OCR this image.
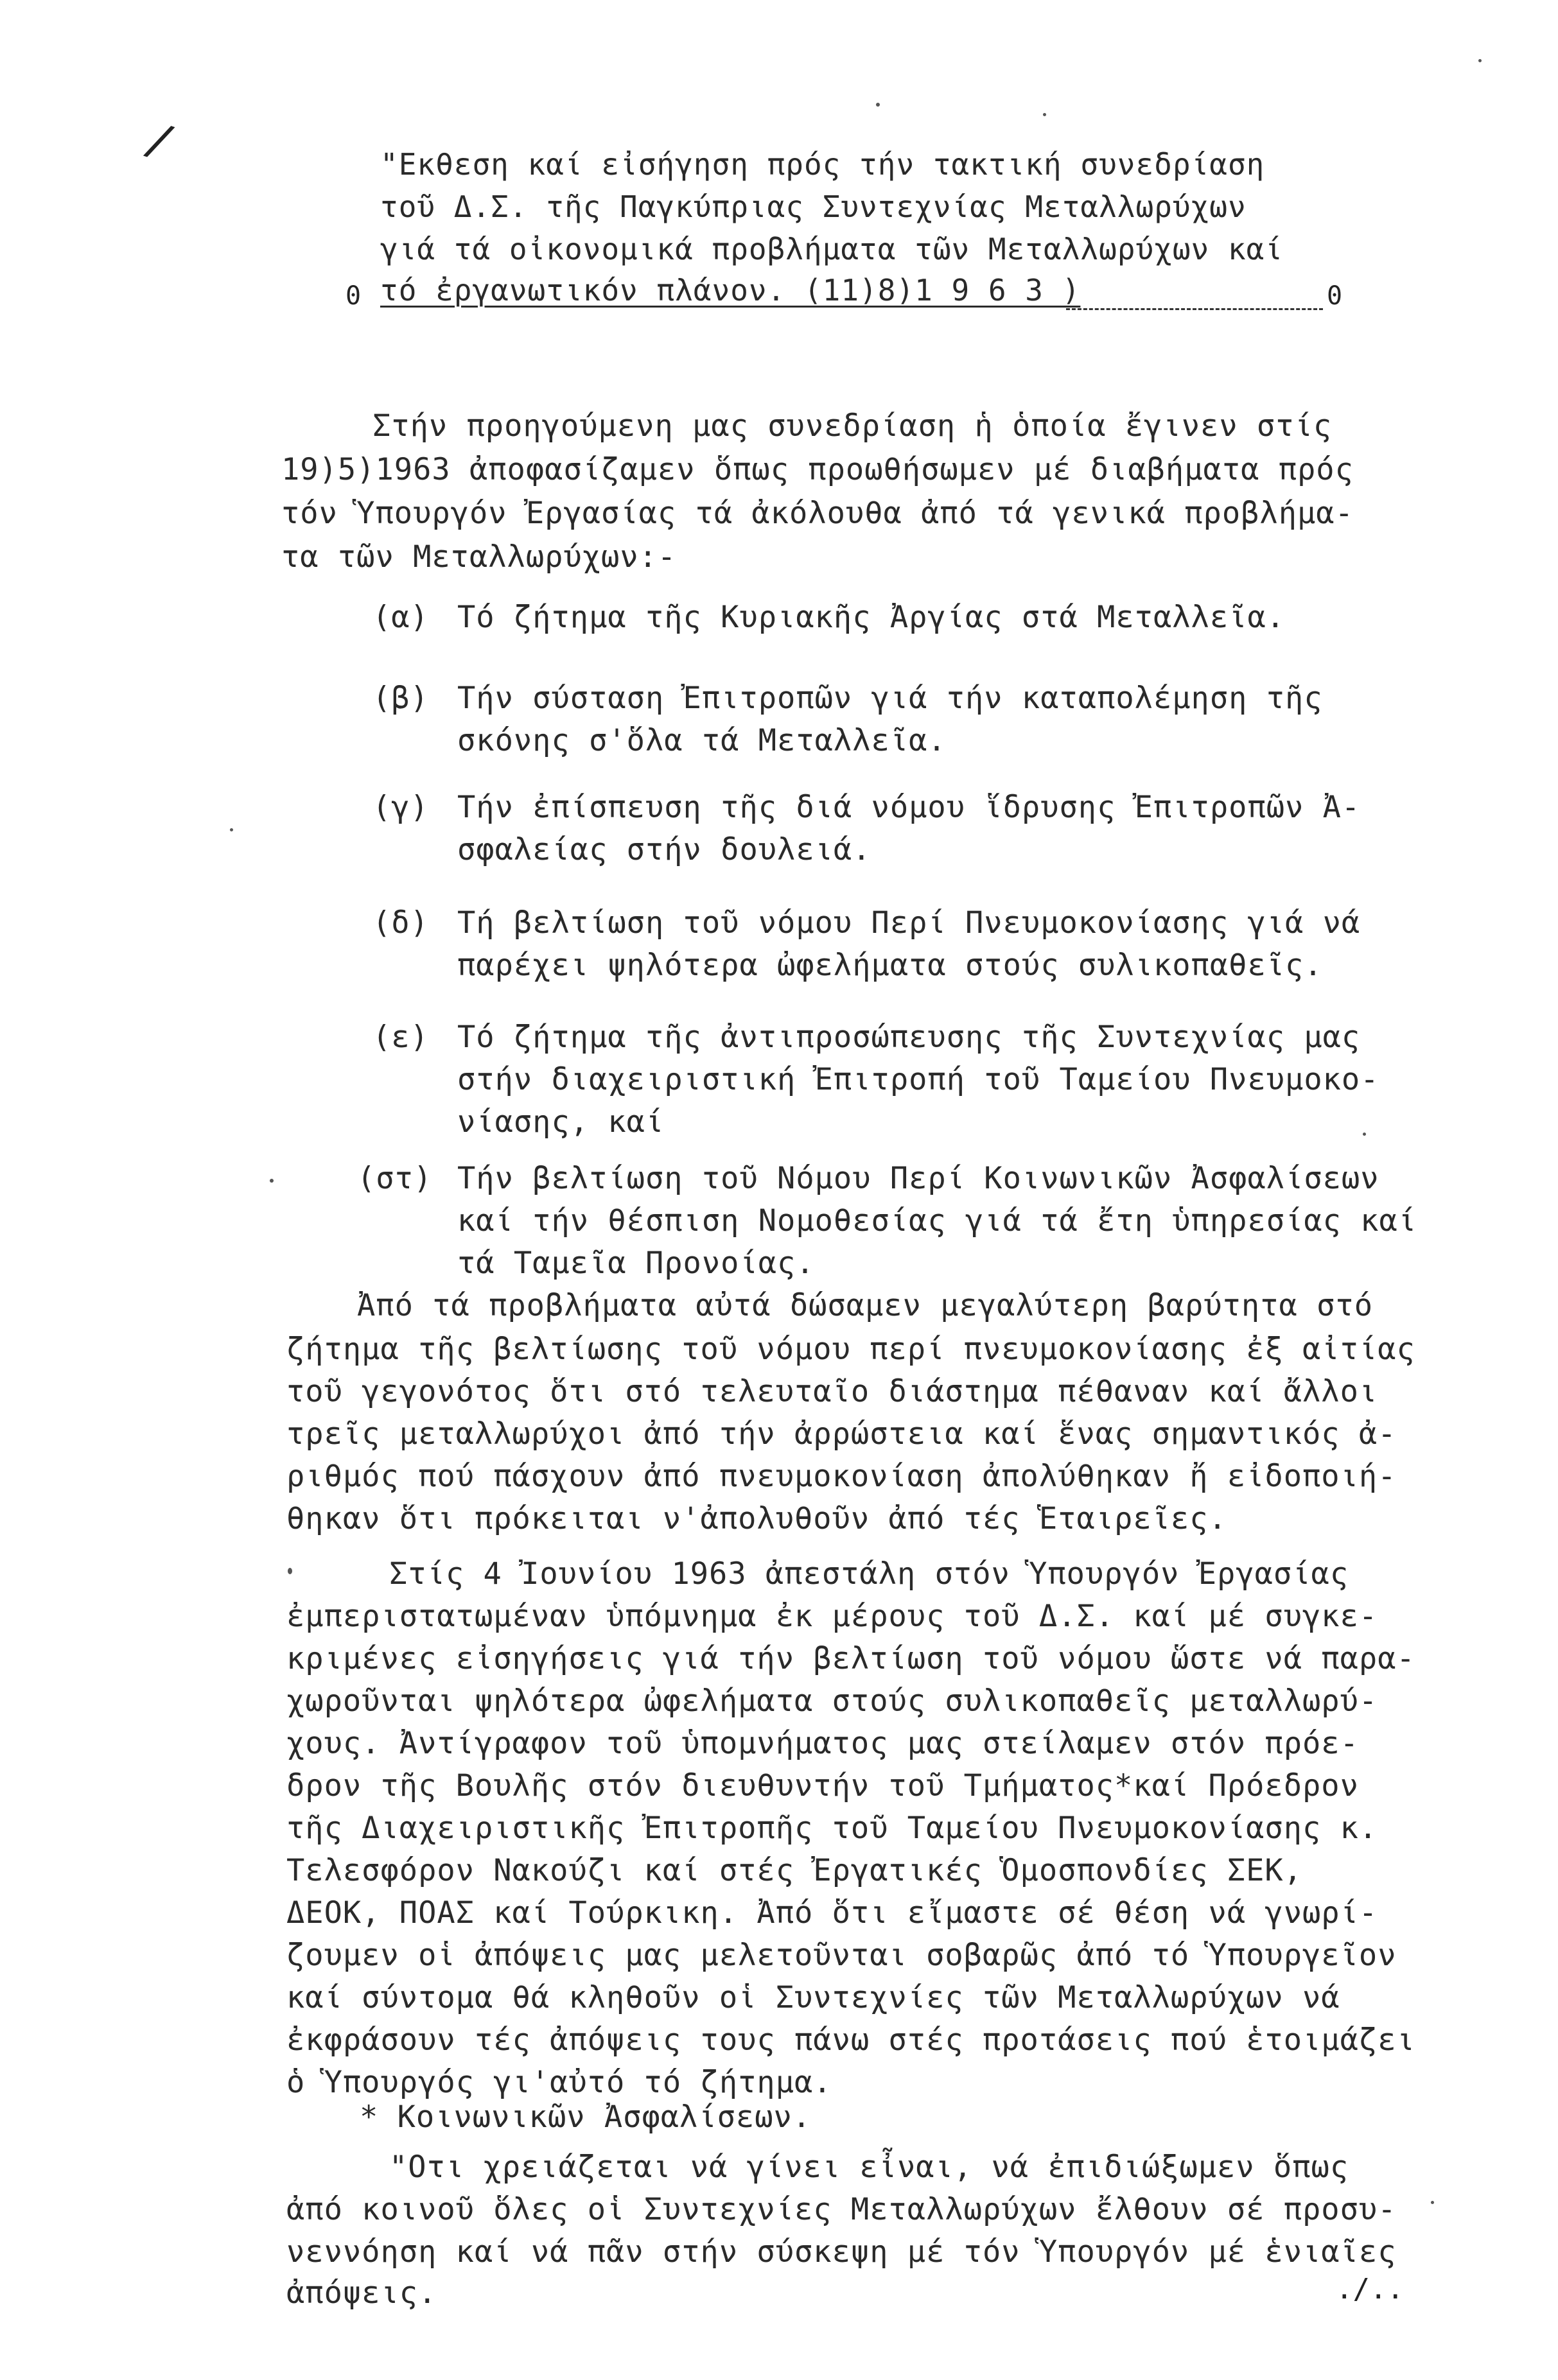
/	"Εκθεση καί εἰσήγηση πρός τήν τακτική συνεδρίαση
τοῦ Δ.Σ. τῆς Παγκύπριας Συντεχνίας Μεταλλωρύχων
γιά τά οἰκονομικά προβλήματα τῶν Μεταλλωρύχων καί
τό ἐργανωτικόν πλάνον. (11)8)1 9 6 3 )
0	0
Στήν προηγούμενη μας συνεδρίαση ἡ ὁποία ἔγινεν στίς
19)5)1963 ἀποφασίζαμεν ὅπως προωθήσωμεν μέ διαβήματα πρός
τόν Ὑπουργόν Ἐργασίας τά ἀκόλουθα ἀπό τά γενικά προβλήμα-
τα τῶν Μεταλλωρύχων:-
(α) Τό ζήτημα τῆς Κυριακῆς Ἀργίας στά Μεταλλεῖα.
(β) Τήν σύσταση Ἐπιτροπῶν γιά τήν καταπολέμηση τῆς
σκόνης σ'ὅλα τά Μεταλλεῖα.
(γ) Τήν ἐπίσπευση τῆς διά νόμου ἵδρυσης Ἐπιτροπῶν Ἀ-
σφαλείας στήν δουλειά.
(δ) Τή βελτίωση τοῦ νόμου Περί Πνευμοκονίασης γιά νά
παρέχει ψηλότερα ὠφελήματα στούς συλικοπαθεῖς.
(ε) Τό ζήτημα τῆς ἀντιπροσώπευσης τῆς Συντεχνίας μας
στήν διαχειριστική Ἐπιτροπή τοῦ Ταμείου Πνευμοκο-
νίασης, καί
(στ) Τήν βελτίωση τοῦ Νόμου Περί Κοινωνικῶν Ἀσφαλίσεων
καί τήν θέσπιση Νομοθεσίας γιά τά ἔτη ὑπηρεσίας καί
τά Ταμεῖα Προνοίας.
Ἀπό τά προβλήματα αὐτά δώσαμεν μεγαλύτερη βαρύτητα στό
ζήτημα τῆς βελτίωσης τοῦ νόμου περί πνευμοκονίασης ἐξ αἰτίας
τοῦ γεγονότος ὅτι στό τελευταῖο διάστημα πέθαναν καί ἄλλοι
τρεῖς μεταλλωρύχοι ἀπό τήν ἀρρώστεια καί ἕνας σημαντικός ἀ-
ριθμός πού πάσχουν ἀπό πνευμοκονίαση ἀπολύθηκαν ἤ εἰδοποιή-
θηκαν ὅτι πρόκειται ν'ἀπολυθοῦν ἀπό τές Ἑταιρεῖες.
Στίς 4 Ἰουνίου 1963 ἀπεστάλη στόν Ὑπουργόν Ἐργασίας
ἐμπεριστατωμέναν ὑπόμνημα ἐκ μέρους τοῦ Δ.Σ. καί μέ συγκε-
κριμένες εἰσηγήσεις γιά τήν βελτίωση τοῦ νόμου ὥστε νά παρα-
χωροῦνται ψηλότερα ὠφελήματα στούς συλικοπαθεῖς μεταλλωρύ-
χους. Ἀντίγραφον τοῦ ὑπομνήματος μας στείλαμεν στόν πρόε-
δρον τῆς Βουλῆς στόν διευθυντήν τοῦ Τμήματος*καί Πρόεδρον
τῆς Διαχειριστικῆς Ἐπιτροπῆς τοῦ Ταμείου Πνευμοκονίασης κ.
Τελεσφόρον Νακούζι καί στές Ἐργατικές Ὁμοσπονδίες ΣΕΚ,
ΔΕΟΚ, ΠΟΑΣ καί Τούρκικη. Ἀπό ὅτι εἴμαστε σέ θέση νά γνωρί-
ζουμεν οἱ ἀπόψεις μας μελετοῦνται σοβαρῶς ἀπό τό Ὑπουργεῖον
καί σύντομα θά κληθοῦν οἱ Συντεχνίες τῶν Μεταλλωρύχων νά
ἐκφράσουν τές ἀπόψεις τους πάνω στές προτάσεις πού ἑτοιμάζει
ὁ Ὑπουργός γι'αὐτό τό ζήτημα.
* Κοινωνικῶν Ἀσφαλίσεων.
"Οτι χρειάζεται νά γίνει εἶναι, νά ἐπιδιώξωμεν ὅπως
ἀπό κοινοῦ ὅλες οἱ Συντεχνίες Μεταλλωρύχων ἔλθουν σέ προσυ-
νεννόηση καί νά πᾶν στήν σύσκεψη μέ τόν Ὑπουργόν μέ ἑνιαῖες
ἀπόψεις.	./..
